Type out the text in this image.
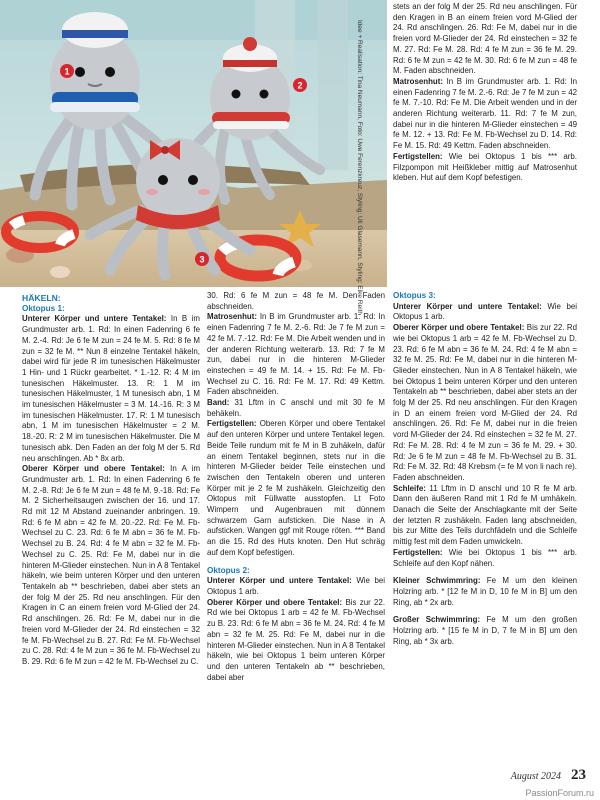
1
2
3	Idee + Realisation: Tina Neumann, Foto: Uwe Ferenzkreuz, Styling: Uli Glasemann, Styling: Elke Reith

stets an der folg M der 25. Rd neu anschlingen. Für den Kragen in B an einem freien vord M-Glied der 24. Rd anschlingen. 26. Rd: Fe M, dabei nur in die freien vord M-Glieder der 24. Rd einstechen = 32 fe M. 27. Rd: Fe M. 28. Rd: 4 fe M zun = 36 fe M. 29. Rd: 6 fe M zun = 42 fe M. 30. Rd: 6 fe M zun = 48 fe M. Faden abschneiden.

Matrosenhut: In B im Grundmuster arb. 1. Rd: In einen Fadenring 7 fe M. 2.-6. Rd: Je 7 fe M zun = 42 fe M. 7.-10. Rd: Fe M. Die Arbeit wenden und in der anderen Richtung weiterarb. 11. Rd: 7 fe M zun, dabei nur in die hinteren M-Glieder einstechen = 49 fe M. 12. + 13. Rd: Fe M. Fb-Wechsel zu D. 14. Rd: Fe M. 15. Rd: 49 Kettm. Faden abschneiden.

Fertigstellen: Wie bei Oktopus 1 bis *** arb. Filzpompon mit Heißkleber mittig auf Matrosenhut kleben. Hut auf dem Kopf befestigen.

HÄKELN:
Oktopus 1:

Unterer Körper und untere Tentakel: In B im Grundmuster arb. 1. Rd: In einen Fadenring 6 fe M. 2.-4. Rd: Je 6 fe M zun = 24 fe M. 5. Rd: 8 fe M zun = 32 fe M. ** Nun 8 einzelne Tentakel häkeln, dabei wird für jede R im tunesischen Häkelmuster 1 Hin- und 1 Rückr gearbeitet. * 1.-12. R: 4 M im tunesischen Häkelmuster. 13. R: 1 M im tunesischen Häkelmuster, 1 M tunesisch abn, 1 M im tunesischen Häkelmuster = 3 M. 14.-16. R: 3 M im tunesischen Häkelmuster. 17. R: 1 M tunesisch abn, 1 M im tunesischen Häkelmuster = 2 M. 18.-20. R: 2 M im tunesischen Häkelmuster. Die M tunesisch abk. Den Faden an der folg M der 5. Rd neu anschlingen. Ab * 8x arb.

Oberer Körper und obere Tentakel: In A im Grundmuster arb. 1. Rd: In einen Fadenring 6 fe M. 2.-8. Rd: Je 6 fe M zun = 48 fe M. 9.-18. Rd: Fe M. 2 Sicherheitsaugen zwischen der 16. und 17. Rd mit 12 M Abstand zueinander anbringen. 19. Rd: 6 fe M abn = 42 fe M. 20.-22. Rd: Fe M. Fb-Wechsel zu C. 23. Rd: 6 fe M abn = 36 fe M. Fb-Wechsel zu B. 24. Rd: 4 fe M abn = 32 fe M. Fb-Wechsel zu C. 25. Rd: Fe M, dabei nur in die hinteren M-Glieder einstechen. Nun in A 8 Tentakel häkeln, wie beim unteren Körper und den unteren Tentakeln ab ** beschrieben, dabei aber stets an der folg M der 25. Rd neu anschlingen. Für den Kragen in C an einem freien vord M-Glied der 24. Rd anschlingen. 26. Rd: Fe M, dabei nur in die freien vord M-Glieder der 24. Rd einstechen = 32 fe M. Fb-Wechsel zu B. 27. Rd: Fe M. Fb-Wechsel zu C. 28. Rd: 4 fe M zun = 36 fe M. Fb-Wechsel zu B. 29. Rd: 6 fe M zun = 42 fe M. Fb-Wechsel zu C.

30. Rd: 6 fe M zun = 48 fe M. Den Faden abschneiden.

Matrosenhut: In B im Grundmuster arb. 1. Rd: In einen Fadenring 7 fe M. 2.-6. Rd: Je 7 fe M zun = 42 fe M. 7.-12. Rd: Fe M. Die Arbeit wenden und in der anderen Richtung weiterarb. 13. Rd: 7 fe M zun, dabei nur in die hinteren M-Glieder einstechen = 49 fe M. 14. + 15. Rd: Fe M. Fb-Wechsel zu C. 16. Rd: Fe M. 17. Rd: 49 Kettm. Faden abschneiden.

Band: 31 Lftm in C anschl und mit 30 fe M behäkeln.

Fertigstellen: Oberen Körper und obere Tentakel auf den unteren Körper und untere Tentakel legen. Beide Teile rundum mit fe M in B zuhäkeln, dafür an einem Tentakel beginnen, stets nur in die hinteren M-Glieder beider Teile einstechen und zwischen den Tentakeln oberen und unteren Körper mit je 2 fe M zushäkeln. Gleichzeitig den Oktopus mit Füllwatte ausstopfen. Lt Foto Wimpern und Augenbrauen mit dünnem schwarzem Garn aufsticken. Die Nase in A aufsticken. Wangen ggf mit Rouge röten. *** Band an die 15. Rd des Huts knoten. Den Hut schräg auf dem Kopf befestigen.

Oktopus 2:

Unterer Körper und untere Tentakel: Wie bei Oktopus 1 arb.

Oberer Körper und obere Tentakel: Bis zur 22. Rd wie bei Oktopus 1 arb = 42 fe M. Fb-Wechsel zu B. 23. Rd: 6 fe M abn = 36 fe M. 24. Rd: 4 fe M abn = 32 fe M. 25. Rd: Fe M, dabei nur in die hinteren M-Glieder einstechen. Nun in A 8 Tentakel häkeln, wie bei Oktopus 1 beim unteren Körper und den unteren Tentakeln ab ** beschrieben, dabei aber

Oktopus 3:

Unterer Körper und untere Tentakel: Wie bei Oktopus 1 arb.

Oberer Körper und obere Tentakel: Bis zur 22. Rd wie bei Oktopus 1 arb = 42 fe M. Fb-Wechsel zu D. 23. Rd: 6 fe M abn = 36 fe M. 24. Rd: 4 fe M abn = 32 fe M. 25. Rd: Fe M, dabei nur in die hinteren M-Glieder einstechen. Nun in A 8 Tentakel häkeln, wie bei Oktopus 1 beim unteren Körper und den unteren Tentakeln ab ** beschrieben, dabei aber stets an der folg M der 25. Rd neu anschlingen. Für den Kragen in D an einem freien vord M-Glied der 24. Rd anschlingen. 26. Rd: Fe M, dabei nur in die freien vord M-Glieder der 24. Rd einstechen = 32 fe M. 27. Rd: Fe M. 28. Rd: 4 fe M zun = 36 fe M. 29. + 30. Rd: Je 6 fe M zun = 48 fe M. Fb-Wechsel zu B. 31. Rd: Fe M. 32. Rd: 48 Krebsm (= fe M von li nach re). Faden abschneiden.

Schleife: 11 Lftm in D anschl und 10 R fe M arb. Dann den äußeren Rand mit 1 Rd fe M umhäkeln. Danach die Seite der Anschlagkante mit der Seite der letzten R zushäkeln. Faden lang abschneiden, bis zur Mitte des Teils durchfädeln und die Schleife mittig fest mit dem Faden umwickeln.

Fertigstellen: Wie bei Oktopus 1 bis *** arb. Schleife auf den Kopf nähen.

Kleiner Schwimmring: Fe M um den kleinen Holzring arb. * [12 fe M in D, 10 fe M in B] um den Ring, ab * 2x arb.

Großer Schwimmring: Fe M um den großen Holzring arb. * [15 fe M in D, 7 fe M in B] um den Ring, ab * 3x arb.

August 2024 23
PassionForum.ru
